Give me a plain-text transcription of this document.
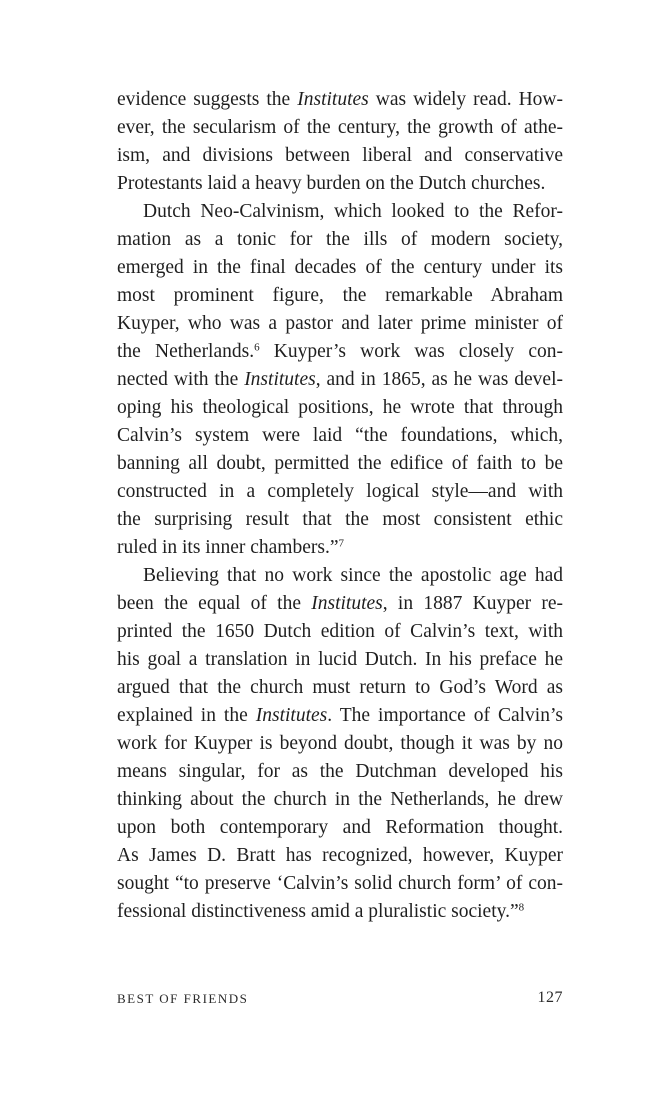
evidence suggests the Institutes was widely read. How-
ever, the secularism of the century, the growth of athe-
ism, and divisions between liberal and conservative
Protestants laid a heavy burden on the Dutch churches.
Dutch Neo-Calvinism, which looked to the Refor-
mation as a tonic for the ills of modern society,
emerged in the final decades of the century under its
most prominent figure, the remarkable Abraham
Kuyper, who was a pastor and later prime minister of
the Netherlands.$^6$ Kuyper’s work was closely con-
nected with the Institutes, and in 1865, as he was devel-
oping his theological positions, he wrote that through
Calvin’s system were laid “the foundations, which,
banning all doubt, permitted the edifice of faith to be
constructed in a completely logical style—and with
the surprising result that the most consistent ethic
ruled in its inner chambers.”$^7$
Believing that no work since the apostolic age had
been the equal of the Institutes, in 1887 Kuyper re-
printed the 1650 Dutch edition of Calvin’s text, with
his goal a translation in lucid Dutch. In his preface he
argued that the church must return to God’s Word as
explained in the Institutes. The importance of Calvin’s
work for Kuyper is beyond doubt, though it was by no
means singular, for as the Dutchman developed his
thinking about the church in the Netherlands, he drew
upon both contemporary and Reformation thought.
As James D. Bratt has recognized, however, Kuyper
sought “to preserve ‘Calvin’s solid church form’ of con-
fessional distinctiveness amid a pluralistic society.”$^8$
BEST OF FRIENDS	127
